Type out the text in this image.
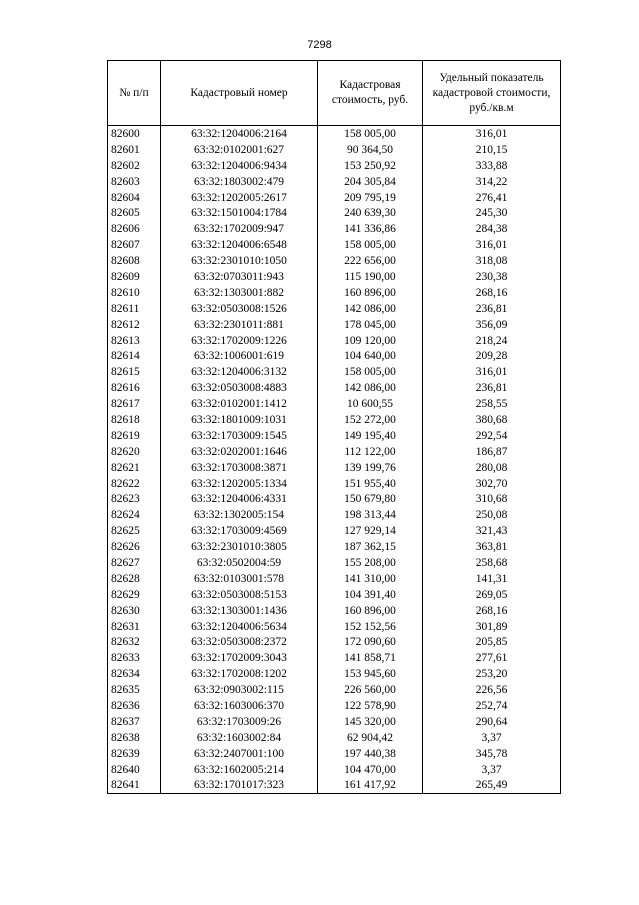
7298
№ п/п	Кадастровый номер	Кадастровая стоимость, руб.	Удельный показатель кадастровой стоимости, руб./кв.м
82600	63:32:1204006:2164	158 005,00	316,01
82601	63:32:0102001:627	90 364,50	210,15
82602	63:32:1204006:9434	153 250,92	333,88
82603	63:32:1803002:479	204 305,84	314,22
82604	63:32:1202005:2617	209 795,19	276,41
82605	63:32:1501004:1784	240 639,30	245,30
82606	63:32:1702009:947	141 336,86	284,38
82607	63:32:1204006:6548	158 005,00	316,01
82608	63:32:2301010:1050	222 656,00	318,08
82609	63:32:0703011:943	115 190,00	230,38
82610	63:32:1303001:882	160 896,00	268,16
82611	63:32:0503008:1526	142 086,00	236,81
82612	63:32:2301011:881	178 045,00	356,09
82613	63:32:1702009:1226	109 120,00	218,24
82614	63:32:1006001:619	104 640,00	209,28
82615	63:32:1204006:3132	158 005,00	316,01
82616	63:32:0503008:4883	142 086,00	236,81
82617	63:32:0102001:1412	10 600,55	258,55
82618	63:32:1801009:1031	152 272,00	380,68
82619	63:32:1703009:1545	149 195,40	292,54
82620	63:32:0202001:1646	112 122,00	186,87
82621	63:32:1703008:3871	139 199,76	280,08
82622	63:32:1202005:1334	151 955,40	302,70
82623	63:32:1204006:4331	150 679,80	310,68
82624	63:32:1302005:154	198 313,44	250,08
82625	63:32:1703009:4569	127 929,14	321,43
82626	63:32:2301010:3805	187 362,15	363,81
82627	63:32:0502004:59	155 208,00	258,68
82628	63:32:0103001:578	141 310,00	141,31
82629	63:32:0503008:5153	104 391,40	269,05
82630	63:32:1303001:1436	160 896,00	268,16
82631	63:32:1204006:5634	152 152,56	301,89
82632	63:32:0503008:2372	172 090,60	205,85
82633	63:32:1702009:3043	141 858,71	277,61
82634	63:32:1702008:1202	153 945,60	253,20
82635	63:32:0903002:115	226 560,00	226,56
82636	63:32:1603006:370	122 578,90	252,74
82637	63:32:1703009:26	145 320,00	290,64
82638	63:32:1603002:84	62 904,42	3,37
82639	63:32:2407001:100	197 440,38	345,78
82640	63:32:1602005:214	104 470,00	3,37
82641	63:32:1701017:323	161 417,92	265,49
